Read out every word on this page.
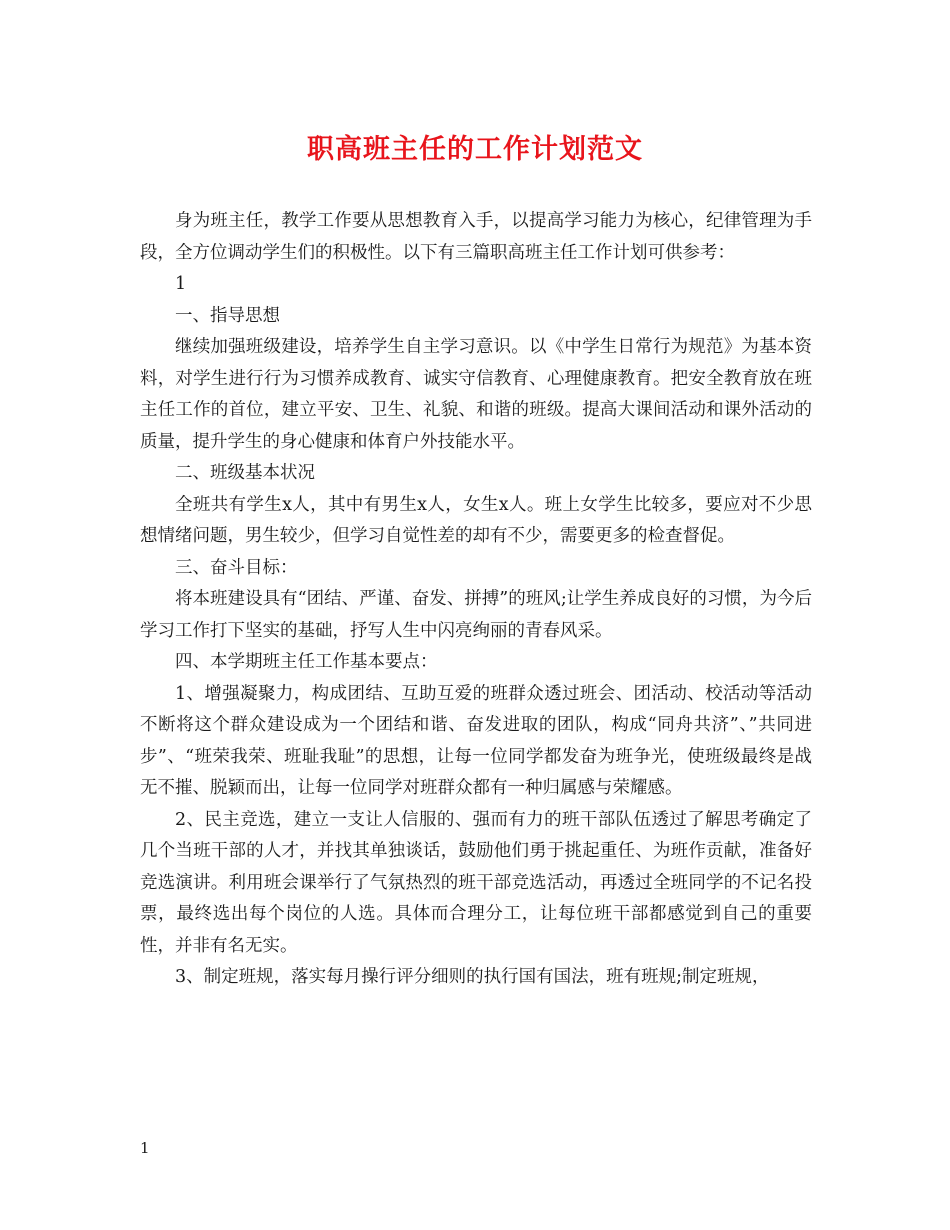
职高班主任的工作计划范文

身为班主任，教学工作要从思想教育入手，以提高学习能力为核心，纪律管理为手段，全方位调动学生们的积极性。以下有三篇职高班主任工作计划可供参考：

1

一、指导思想

继续加强班级建设，培养学生自主学习意识。以《中学生日常行为规范》为基本资料，对学生进行行为习惯养成教育、诚实守信教育、心理健康教育。把安全教育放在班主任工作的首位，建立平安、卫生、礼貌、和谐的班级。提高大课间活动和课外活动的质量，提升学生的身心健康和体育户外技能水平。

二、班级基本状况

全班共有学生x人，其中有男生x人，女生x人。班上女学生比较多，要应对不少思想情绪问题，男生较少，但学习自觉性差的却有不少，需要更多的检查督促。

三、奋斗目标：

将本班建设具有“团结、严谨、奋发、拼搏”的班风;让学生养成良好的习惯，为今后学习工作打下坚实的基础，抒写人生中闪亮绚丽的青春风采。

四、本学期班主任工作基本要点：

1、增强凝聚力，构成团结、互助互爱的班群众透过班会、团活动、校活动等活动不断将这个群众建设成为一个团结和谐、奋发进取的团队，构成“同舟共济”、”共同进步”、“班荣我荣、班耻我耻”的思想，让每一位同学都发奋为班争光，使班级最终是战无不摧、脱颖而出，让每一位同学对班群众都有一种归属感与荣耀感。

2、民主竞选，建立一支让人信服的、强而有力的班干部队伍透过了解思考确定了几个当班干部的人才，并找其单独谈话，鼓励他们勇于挑起重任、为班作贡献，准备好竞选演讲。利用班会课举行了气氛热烈的班干部竞选活动，再透过全班同学的不记名投票，最终选出每个岗位的人选。具体而合理分工，让每位班干部都感觉到自己的重要性，并非有名无实。

3、制定班规，落实每月操行评分细则的执行国有国法，班有班规;制定班规，

1
